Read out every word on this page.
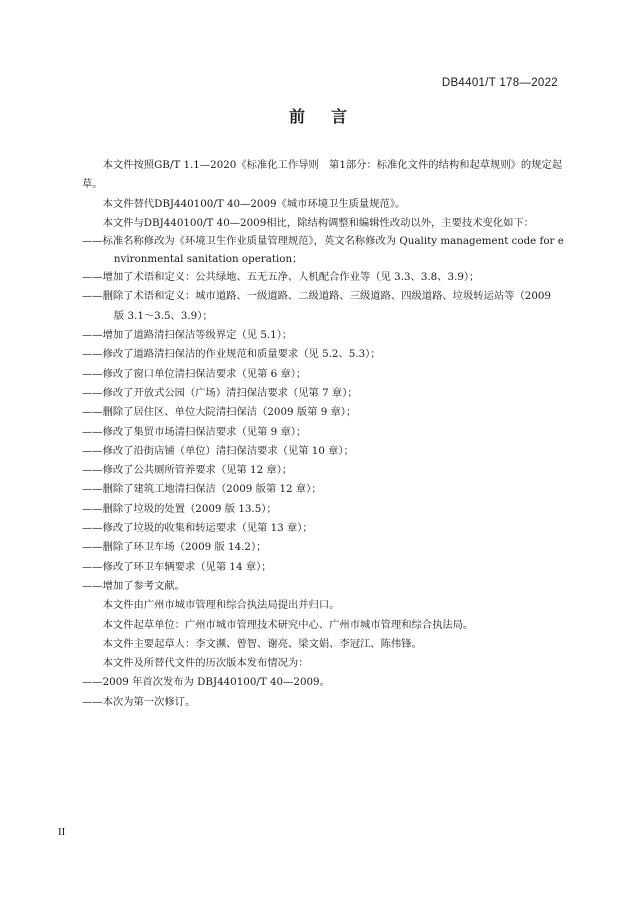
DB4401/T 178—2022
前言

本文件按照GB/T 1.1—2020《标准化工作导则　第1部分：标准化文件的结构和起草规则》的规定起草。

本文件替代DBJ440100/T 40—2009《城市环境卫生质量规范》。

本文件与DBJ440100/T 40—2009相比，除结构调整和编辑性改动以外，主要技术变化如下：

——标准名称修改为《环境卫生作业质量管理规范》，英文名称修改为 Quality management code for environmental sanitation operation；

——增加了术语和定义：公共绿地、五无五净、人机配合作业等（见 3.3、3.8、3.9）；

——删除了术语和定义：城市道路、一级道路、二级道路、三级道路、四级道路、垃圾转运站等（2009 版 3.1～3.5、3.9）；

——增加了道路清扫保洁等级界定（见 5.1）；

——修改了道路清扫保洁的作业规范和质量要求（见 5.2、5.3）；

——修改了窗口单位清扫保洁要求（见第 6 章）；

——修改了开放式公园（广场）清扫保洁要求（见第 7 章）；

——删除了居住区、单位大院清扫保洁（2009 版第 9 章）；

——修改了集贸市场清扫保洁要求（见第 9 章）；

——修改了沿街店铺（单位）清扫保洁要求（见第 10 章）；

——修改了公共厕所管养要求（见第 12 章）；

——删除了建筑工地清扫保洁（2009 版第 12 章）；

——删除了垃圾的处置（2009 版 13.5）；

——修改了垃圾的收集和转运要求（见第 13 章）；

——删除了环卫车场（2009 版 14.2）；

——修改了环卫车辆要求（见第 14 章）；

——增加了参考文献。

本文件由广州市城市管理和综合执法局提出并归口。

本文件起草单位：广州市城市管理技术研究中心、广州市城市管理和综合执法局。

本文件主要起草人：李文濒、曾智、谢亮、梁文娟、李冠江、陈伟锋。

本文件及所替代文件的历次版本发布情况为：

——2009 年首次发布为 DBJ440100/T 40—2009。

——本次为第一次修订。

II
